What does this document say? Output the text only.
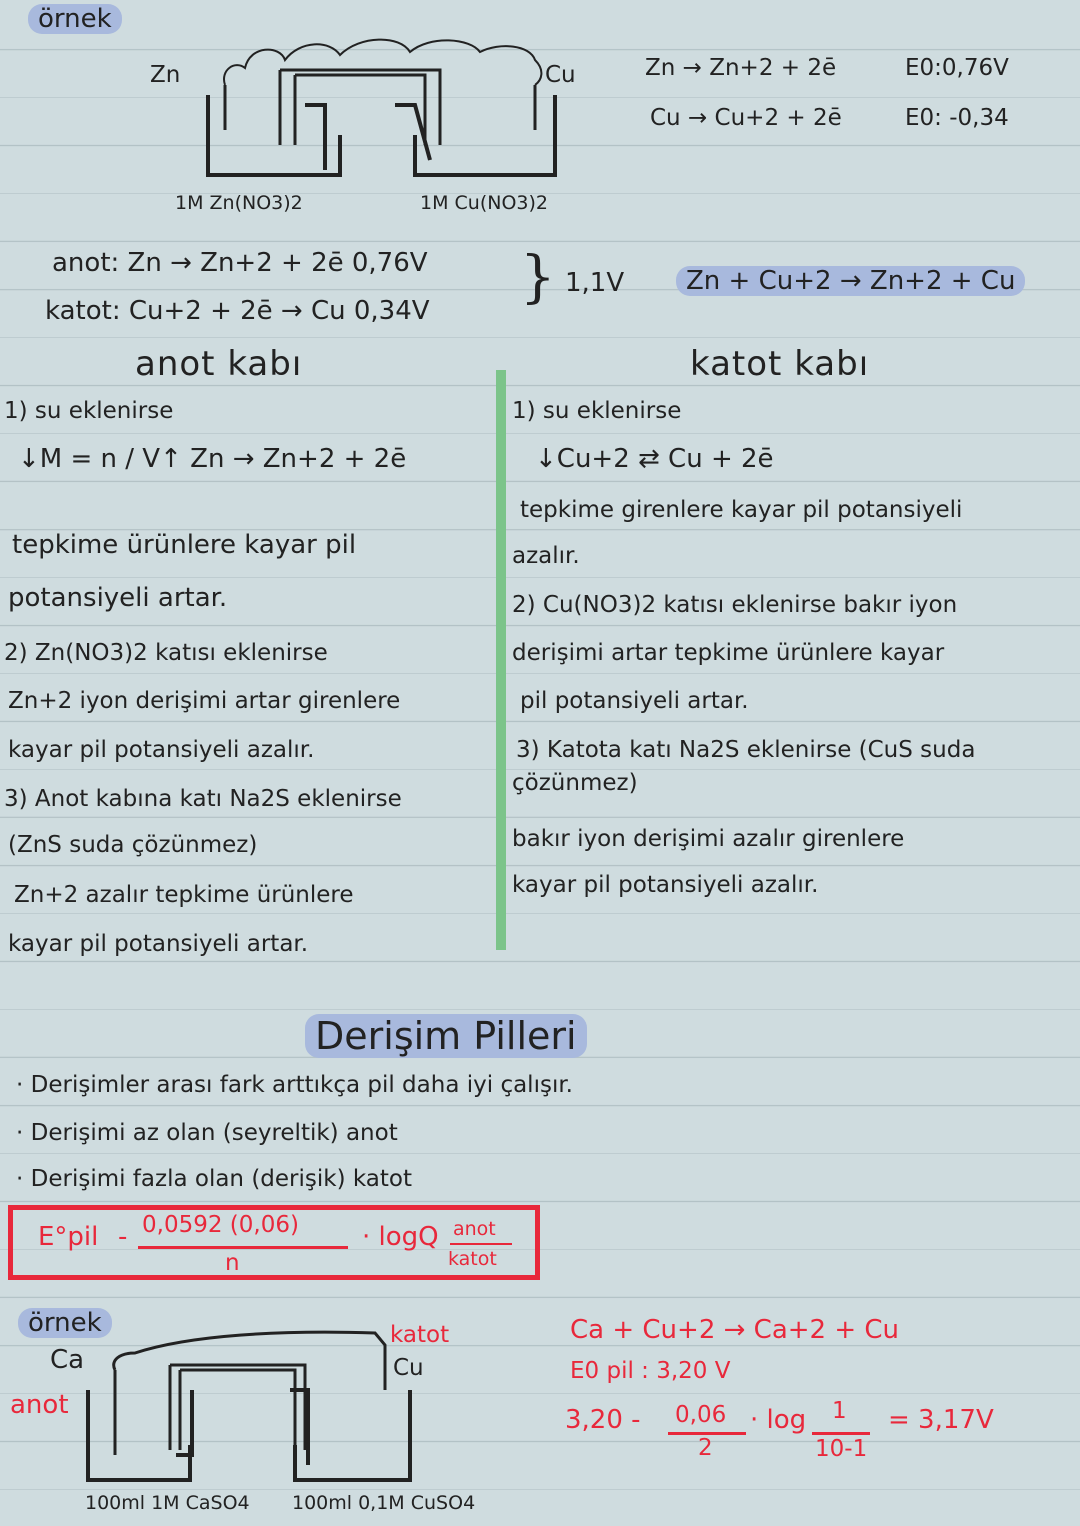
örnek
Zn	Cu
1M Zn(NO3)2	1M Cu(NO3)2
Zn → Zn+2 + 2ē	E0:0,76V
Cu → Cu+2 + 2ē	E0: -0,34
anot: Zn → Zn+2 + 2ē 0,76V
katot: Cu+2 + 2ē → Cu 0,34V
} 1,1V	Zn + Cu+2 → Zn+2 + Cu
anot kabı	katot kabı
1) su eklenirse
↓M = n / V↑ Zn → Zn+2 + 2ē
tepkime ürünlere kayar pil
potansiyeli artar.
2) Zn(NO3)2 katısı eklenirse
Zn+2 iyon derişimi artar girenlere
kayar pil potansiyeli azalır.
3) Anot kabına katı Na2S eklenirse
(ZnS suda çözünmez)
Zn+2 azalır tepkime ürünlere
kayar pil potansiyeli artar.
1) su eklenirse
↓Cu+2 ⇄ Cu + 2ē
tepkime girenlere kayar pil potansiyeli
azalır.
2) Cu(NO3)2 katısı eklenirse bakır iyon
derişimi artar tepkime ürünlere kayar
pil potansiyeli artar.
3) Katota katı Na2S eklenirse (CuS suda
çözünmez)
bakır iyon derişimi azalır girenlere
kayar pil potansiyeli azalır.
Derişim Pilleri
· Derişimler arası fark arttıkça pil daha iyi çalışır.
· Derişimi az olan (seyreltik) anot
· Derişimi fazla olan (derişik) katot
E°pil - 0,0592 (0,06)
n
· logQ anot
katot
örnek
Ca
anot
katot
Cu
100ml 1M CaSO4 100ml 0,1M CuSO4
Ca + Cu+2 → Ca+2 + Cu
E0 pil : 3,20 V
3,20 - 0,06
2
· log 1
10-1
= 3,17V
